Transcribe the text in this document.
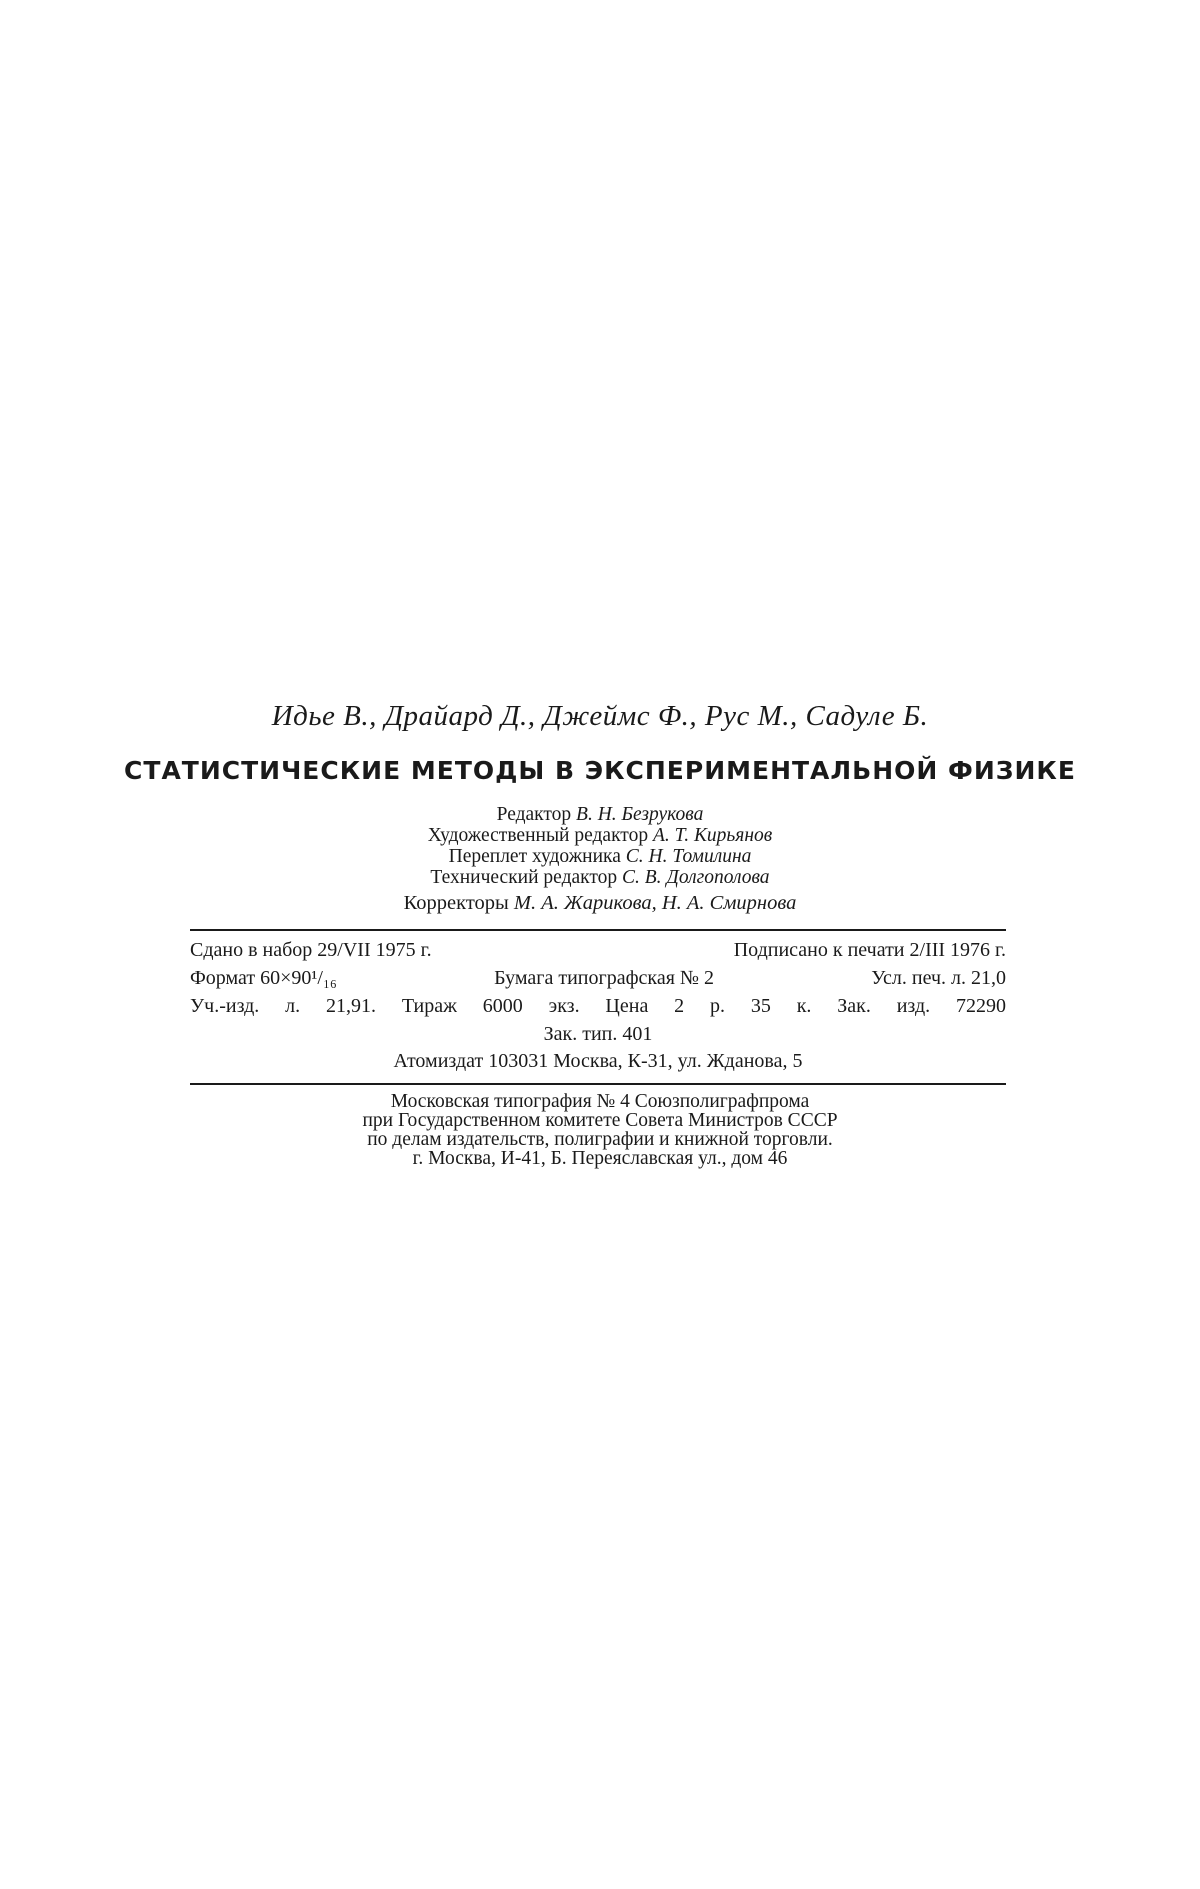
Идье В., Драйард Д., Джеймс Ф., Рус М., Садуле Б.
СТАТИСТИЧЕСКИЕ МЕТОДЫ В ЭКСПЕРИМЕНТАЛЬНОЙ ФИЗИКЕ
Редактор В. Н. Безрукова
Художественный редактор А. Т. Кирьянов
Переплет художника С. Н. Томилина
Технический редактор С. В. Долгополова
Корректоры М. А. Жарикова, Н. А. Смирнова
Сдано в набор 29/VII 1975 г.	Подписано к печати 2/III 1976 г.
Формат 60×90¹/₁₆	Бумага типографская № 2	Усл. печ. л. 21,0
Уч.-изд. л. 21,91. Тираж 6000 экз. Цена 2 р. 35 к. Зак. изд. 72290
Зак. тип. 401
Атомиздат 103031 Москва, К-31, ул. Жданова, 5
Московская типография № 4 Союзполиграфпрома
при Государственном комитете Совета Министров СССР
по делам издательств, полиграфии и книжной торговли.
г. Москва, И-41, Б. Переяславская ул., дом 46
